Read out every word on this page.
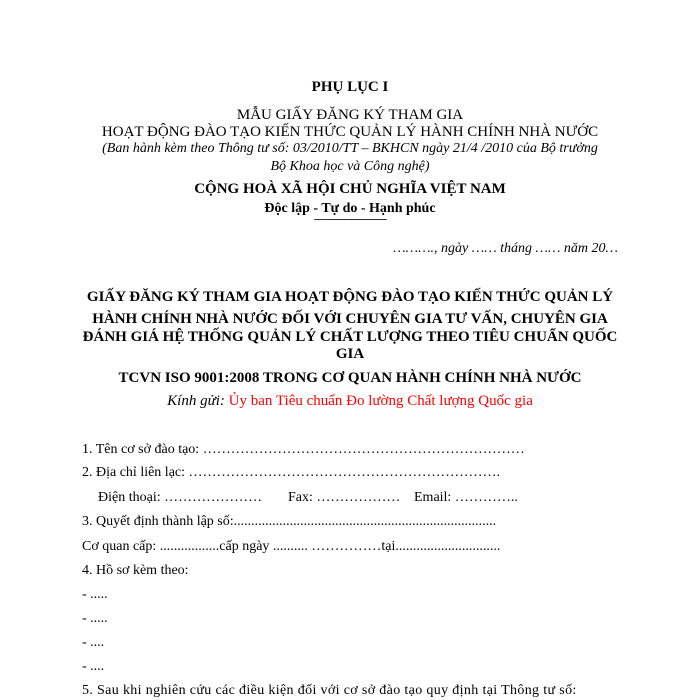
PHỤ LỤC I
MẪU GIẤY ĐĂNG KÝ THAM GIA
HOẠT ĐỘNG ĐÀO TẠO KIẾN THỨC QUẢN LÝ HÀNH CHÍNH NHÀ NƯỚC
(Ban hành kèm theo Thông tư số: 03/2010/TT – BKHCN ngày 21/4 /2010 của Bộ trưởng
Bộ Khoa học và Công nghệ)
CỘNG HOÀ XÃ HỘI CHỦ NGHĨA VIỆT NAM
Độc lập - Tự do - Hạnh phúc
-------------------------------
………., ngày …… tháng …… năm 20…
GIẤY ĐĂNG KÝ THAM GIA HOẠT ĐỘNG ĐÀO TẠO KIẾN THỨC QUẢN LÝ
HÀNH CHÍNH NHÀ NƯỚC ĐỐI VỚI CHUYÊN GIA TƯ VẤN, CHUYÊN GIA
ĐÁNH GIÁ HỆ THỐNG QUẢN LÝ CHẤT LƯỢNG THEO TIÊU CHUẨN QUỐC
GIA
TCVN ISO 9001:2008 TRONG CƠ QUAN HÀNH CHÍNH NHÀ NƯỚC
Kính gửi: Ủy ban Tiêu chuẩn Đo lường Chất lượng Quốc gia
1. Tên cơ sở đào tạo: ……………………………………………………………
2. Địa chỉ liên lạc: ………………………………………………………….
Điện thoại: ………………… Fax: ……………… Email: …………..
3. Quyết định thành lập số:...........................................................................
Cơ quan cấp: .................cấp ngày .......... ……………tại..............................
4. Hồ sơ kèm theo:
- .....
- .....
- ....
- ....
5. Sau khi nghiên cứu các điều kiện đối với cơ sở đào tạo quy định tại Thông tư số:
